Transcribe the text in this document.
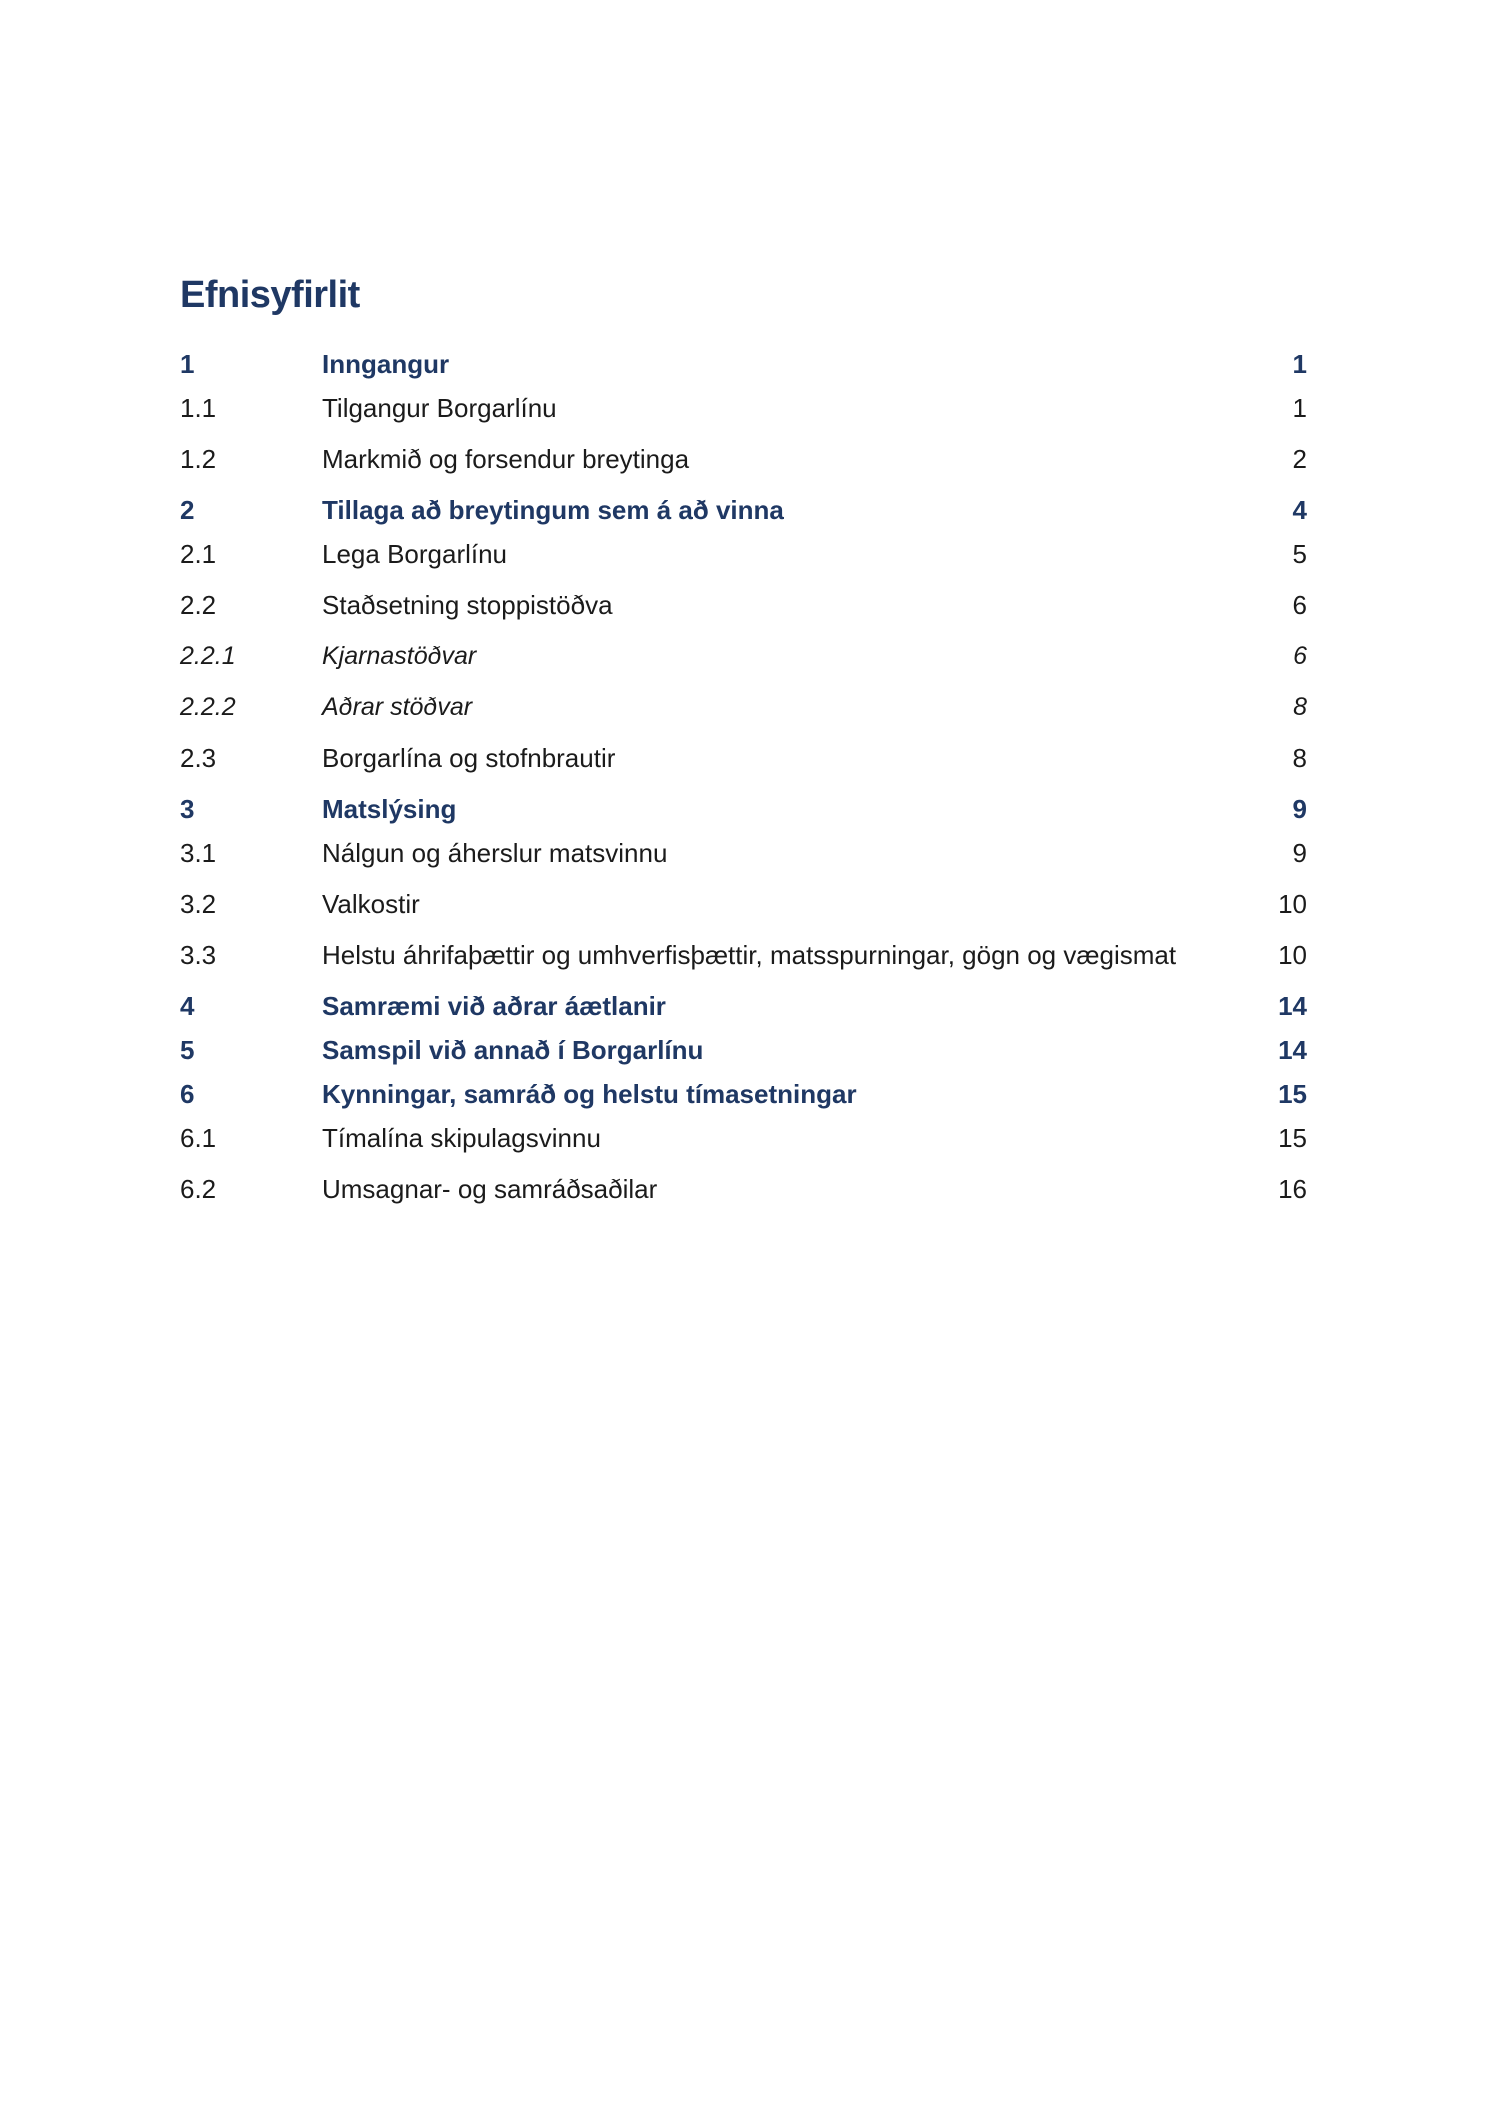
Efnisyfirlit
1	Inngangur	1
1.1	Tilgangur Borgarlínu	1
1.2	Markmið og forsendur breytinga	2
2	Tillaga að breytingum sem á að vinna	4
2.1	Lega Borgarlínu	5
2.2	Staðsetning stoppistöðva	6
2.2.1	Kjarnastöðvar	6
2.2.2	Aðrar stöðvar	8
2.3	Borgarlína og stofnbrautir	8
3	Matslýsing	9
3.1	Nálgun og áherslur matsvinnu	9
3.2	Valkostir	10
3.3	Helstu áhrifaþættir og umhverfisþættir, matsspurningar, gögn og vægismat	10
4	Samræmi við aðrar áætlanir	14
5	Samspil við annað í Borgarlínu	14
6	Kynningar, samráð og helstu tímasetningar	15
6.1	Tímalína skipulagsvinnu	15
6.2	Umsagnar- og samráðsaðilar	16
